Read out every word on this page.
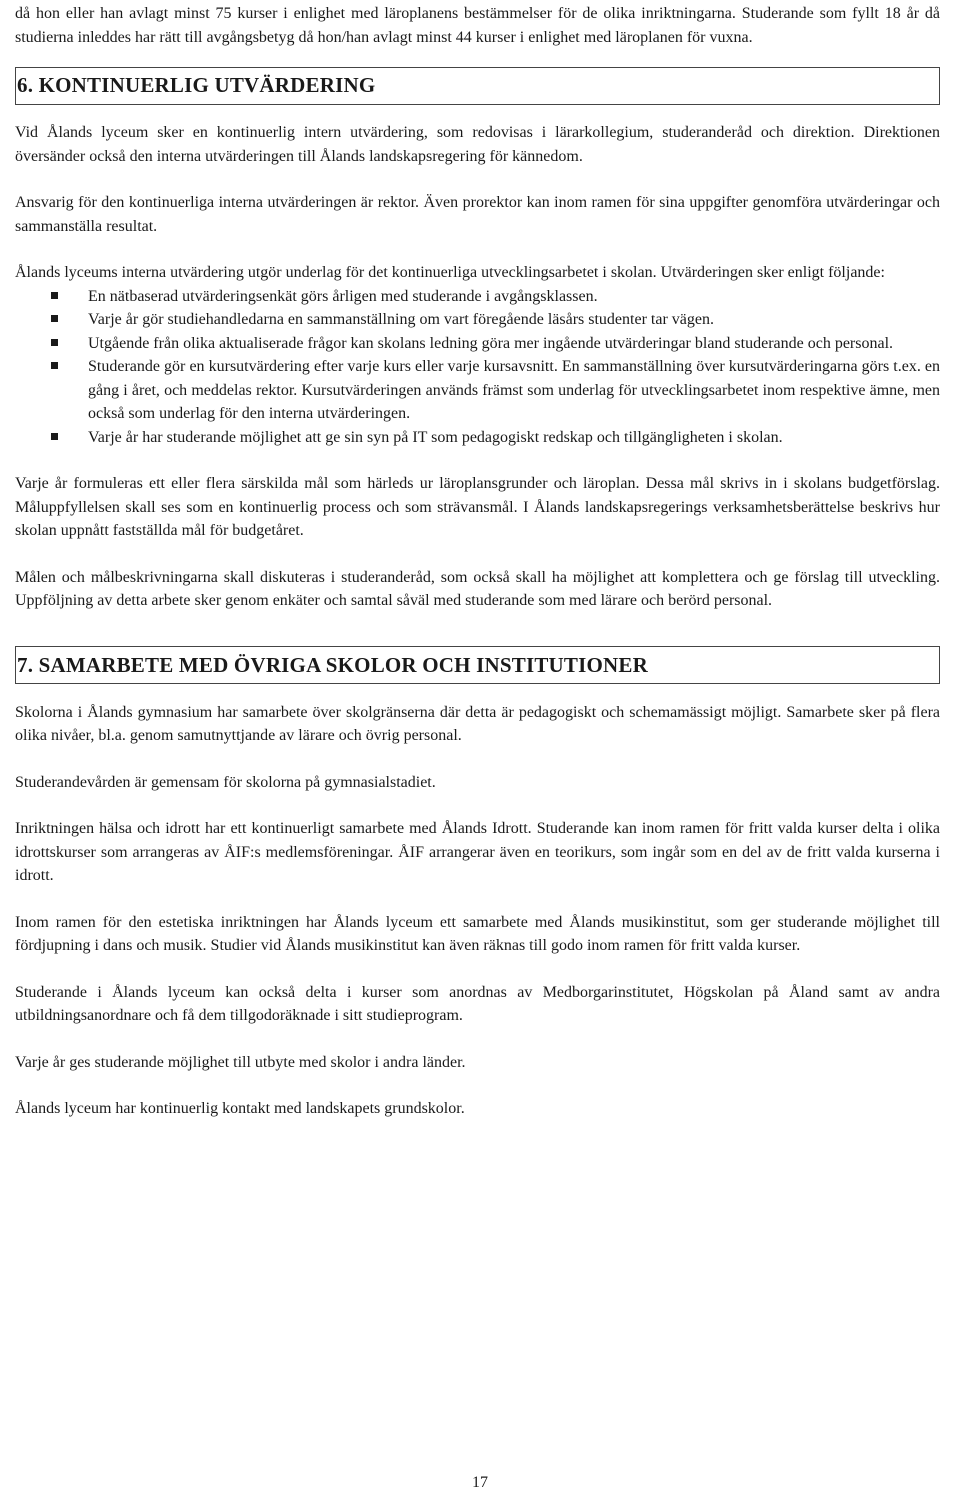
då hon eller han avlagt minst 75 kurser i enlighet med läroplanens bestämmelser för de olika inriktningarna. Studerande som fyllt 18 år då studierna inleddes har rätt till avgångsbetyg då hon/han avlagt minst 44 kurser i enlighet med läroplanen för vuxna.

6. KONTINUERLIG UTVÄRDERING

Vid Ålands lyceum sker en kontinuerlig intern utvärdering, som redovisas i lärarkollegium, studeranderåd och direktion. Direktionen översänder också den interna utvärderingen till Ålands landskapsregering för kännedom.

Ansvarig för den kontinuerliga interna utvärderingen är rektor. Även prorektor kan inom ramen för sina uppgifter genomföra utvärderingar och sammanställa resultat.

Ålands lyceums interna utvärdering utgör underlag för det kontinuerliga utvecklingsarbetet i skolan. Utvärderingen sker enligt följande:

En nätbaserad utvärderingsenkät görs årligen med studerande i avgångsklassen.
Varje år gör studiehandledarna en sammanställning om vart föregående läsårs studenter tar vägen.
Utgående från olika aktualiserade frågor kan skolans ledning göra mer ingående utvärderingar bland studerande och personal.
Studerande gör en kursutvärdering efter varje kurs eller varje kursavsnitt. En sammanställning över kursutvärderingarna görs t.ex. en gång i året, och meddelas rektor. Kursutvärderingen används främst som underlag för utvecklingsarbetet inom respektive ämne, men också som underlag för den interna utvärderingen.
Varje år har studerande möjlighet att ge sin syn på IT som pedagogiskt redskap och tillgängligheten i skolan.

Varje år formuleras ett eller flera särskilda mål som härleds ur läroplansgrunder och läroplan. Dessa mål skrivs in i skolans budgetförslag. Måluppfyllelsen skall ses som en kontinuerlig process och som strävansmål. I Ålands landskapsregerings verksamhetsberättelse beskrivs hur skolan uppnått fastställda mål för budgetåret.

Målen och målbeskrivningarna skall diskuteras i studeranderåd, som också skall ha möjlighet att komplettera och ge förslag till utveckling. Uppföljning av detta arbete sker genom enkäter och samtal såväl med studerande som med lärare och berörd personal.

7. SAMARBETE MED ÖVRIGA SKOLOR OCH INSTITUTIONER

Skolorna i Ålands gymnasium har samarbete över skolgränserna där detta är pedagogiskt och schemamässigt möjligt. Samarbete sker på flera olika nivåer, bl.a. genom samutnyttjande av lärare och övrig personal.

Studerandevården är gemensam för skolorna på gymnasialstadiet.

Inriktningen hälsa och idrott har ett kontinuerligt samarbete med Ålands Idrott. Studerande kan inom ramen för fritt valda kurser delta i olika idrottskurser som arrangeras av ÅIF:s medlemsföreningar. ÅIF arrangerar även en teorikurs, som ingår som en del av de fritt valda kurserna i idrott.

Inom ramen för den estetiska inriktningen har Ålands lyceum ett samarbete med Ålands musikinstitut, som ger studerande möjlighet till fördjupning i dans och musik. Studier vid Ålands musikinstitut kan även räknas till godo inom ramen för fritt valda kurser.

Studerande i Ålands lyceum kan också delta i kurser som anordnas av Medborgarinstitutet, Högskolan på Åland samt av andra utbildningsanordnare och få dem tillgodoräknade i sitt studieprogram.

Varje år ges studerande möjlighet till utbyte med skolor i andra länder.

Ålands lyceum har kontinuerlig kontakt med landskapets grundskolor.

17
